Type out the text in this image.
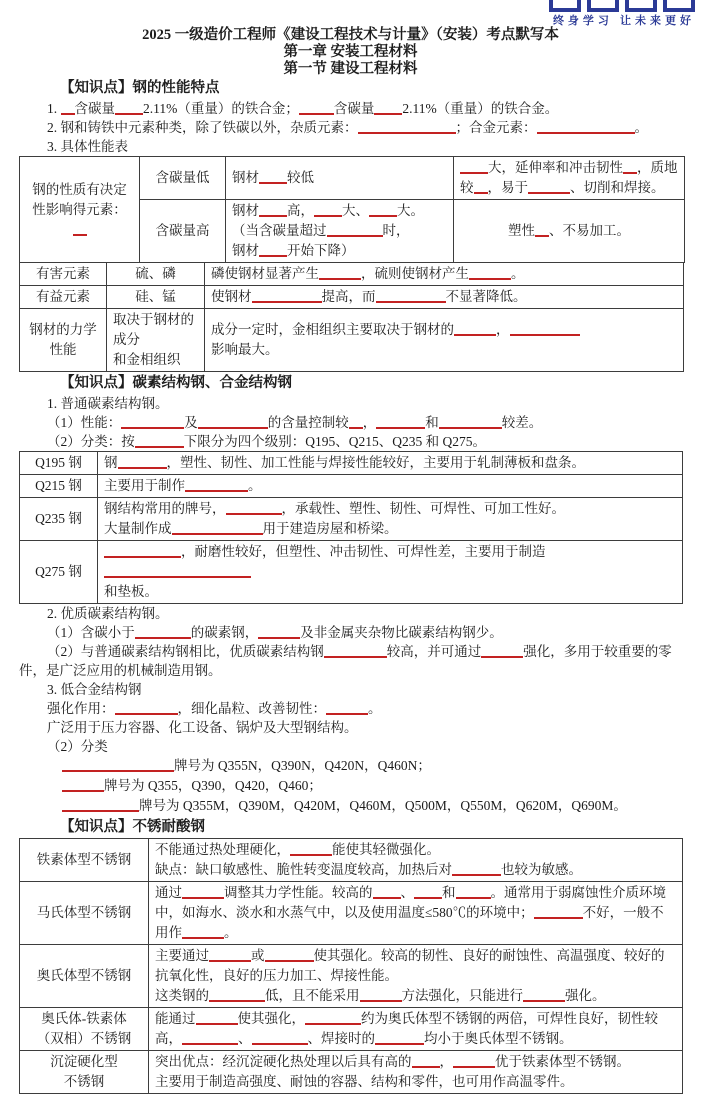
终身学习 让未来更好
2025 一级造价工程师《建设工程技术与计量》（安装）考点默写本
第一章 安装工程材料
第一节 建设工程材料
【知识点】钢的性能特点
1. 含碳量 2.11%（重量）的铁合金；	含碳量 2.11%（重量）的铁合金。
2. 钢和铸铁中元素种类，除了铁碳以外，杂质元素：	；合金元素：	。
3. 具体性能表
钢的性质有决定性影响得元素：	含碳量低	钢材 较低	大，延伸率和冲击韧性 ，质地较 ，易于 、切削和焊接。
	含碳量高	钢材 高， 大、 大。
（当含碳量超过 时，
钢材 开始下降）	塑性 、不易加工。
有害元素	硫、磷	磷使钢材显著产生 ，硫则使钢材产生 。
有益元素	硅、锰	使钢材 提高，而 不显著降低。
钢材的力学
性能	取决于钢材的成分
和金相组织	成分一定时，金相组织主要取决于钢材的 ，
影响最大。
【知识点】碳素结构钢、合金结构钢
1. 普通碳素结构钢。
（1）性能：	及	的含量控制较 ，	和	较差。
（2）分类：按	下限分为四个级别：Q195、Q215、Q235 和 Q275。
Q195 钢	钢 ，塑性、韧性、加工性能与焊接性能较好，主要用于轧制薄板和盘条。
Q215 钢	主要用于制作 。
Q235 钢	钢结构常用的牌号， ，承载性、塑性、韧性、可焊性、可加工性好。
大量制作成 用于建造房屋和桥梁。
Q275 钢	，耐磨性较好，但塑性、冲击韧性、可焊性差，主要用于制造
和垫板。
2. 优质碳素结构钢。
（1）含碳小于	的碳素钢，	及非金属夹杂物比碳素结构钢少。
（2）与普通碳素结构钢相比，优质碳素结构钢	较高，并可通过	强化，多用于较重要的零件，是广泛应用的机械制造用钢。
3. 低合金结构钢
强化作用：	，细化晶粒、改善韧性：	。
广泛用于压力容器、化工设备、锅炉及大型钢结构。
（2）分类
牌号为 Q355N，Q390N，Q420N，Q460N；
牌号为 Q355，Q390，Q420，Q460；
牌号为 Q355M，Q390M，Q420M，Q460M，Q500M，Q550M，Q620M，Q690M。
【知识点】不锈耐酸钢
铁素体型不锈钢	不能通过热处理硬化， 能使其轻微强化。
缺点：缺口敏感性、脆性转变温度较高，加热后对 也较为敏感。
马氏体型不锈钢	通过 调整其力学性能。较高的 、 和 。通常用于弱腐蚀性介质环境中，如海水、淡水和水蒸气中，以及使用温度≤580℃的环境中； 不好，一般不用作 。
奥氏体型不锈钢	主要通过 或 使其强化。较高的韧性、良好的耐蚀性、高温强度、较好的抗氧化性，良好的压力加工、焊接性能。
这类钢的 低，且不能采用 方法强化，只能进行 强化。
奥氏体-铁素体
（双相）不锈钢	能通过 使其强化， 约为奥氏体型不锈钢的两倍，可焊性良好，韧性较高， 、 、焊接时的 均小于奥氏体型不锈钢。
沉淀硬化型
不锈钢	突出优点：经沉淀硬化热处理以后具有高的 ， 优于铁素体型不锈钢。
主要用于制造高强度、耐蚀的容器、结构和零件，也可用作高温零件。
